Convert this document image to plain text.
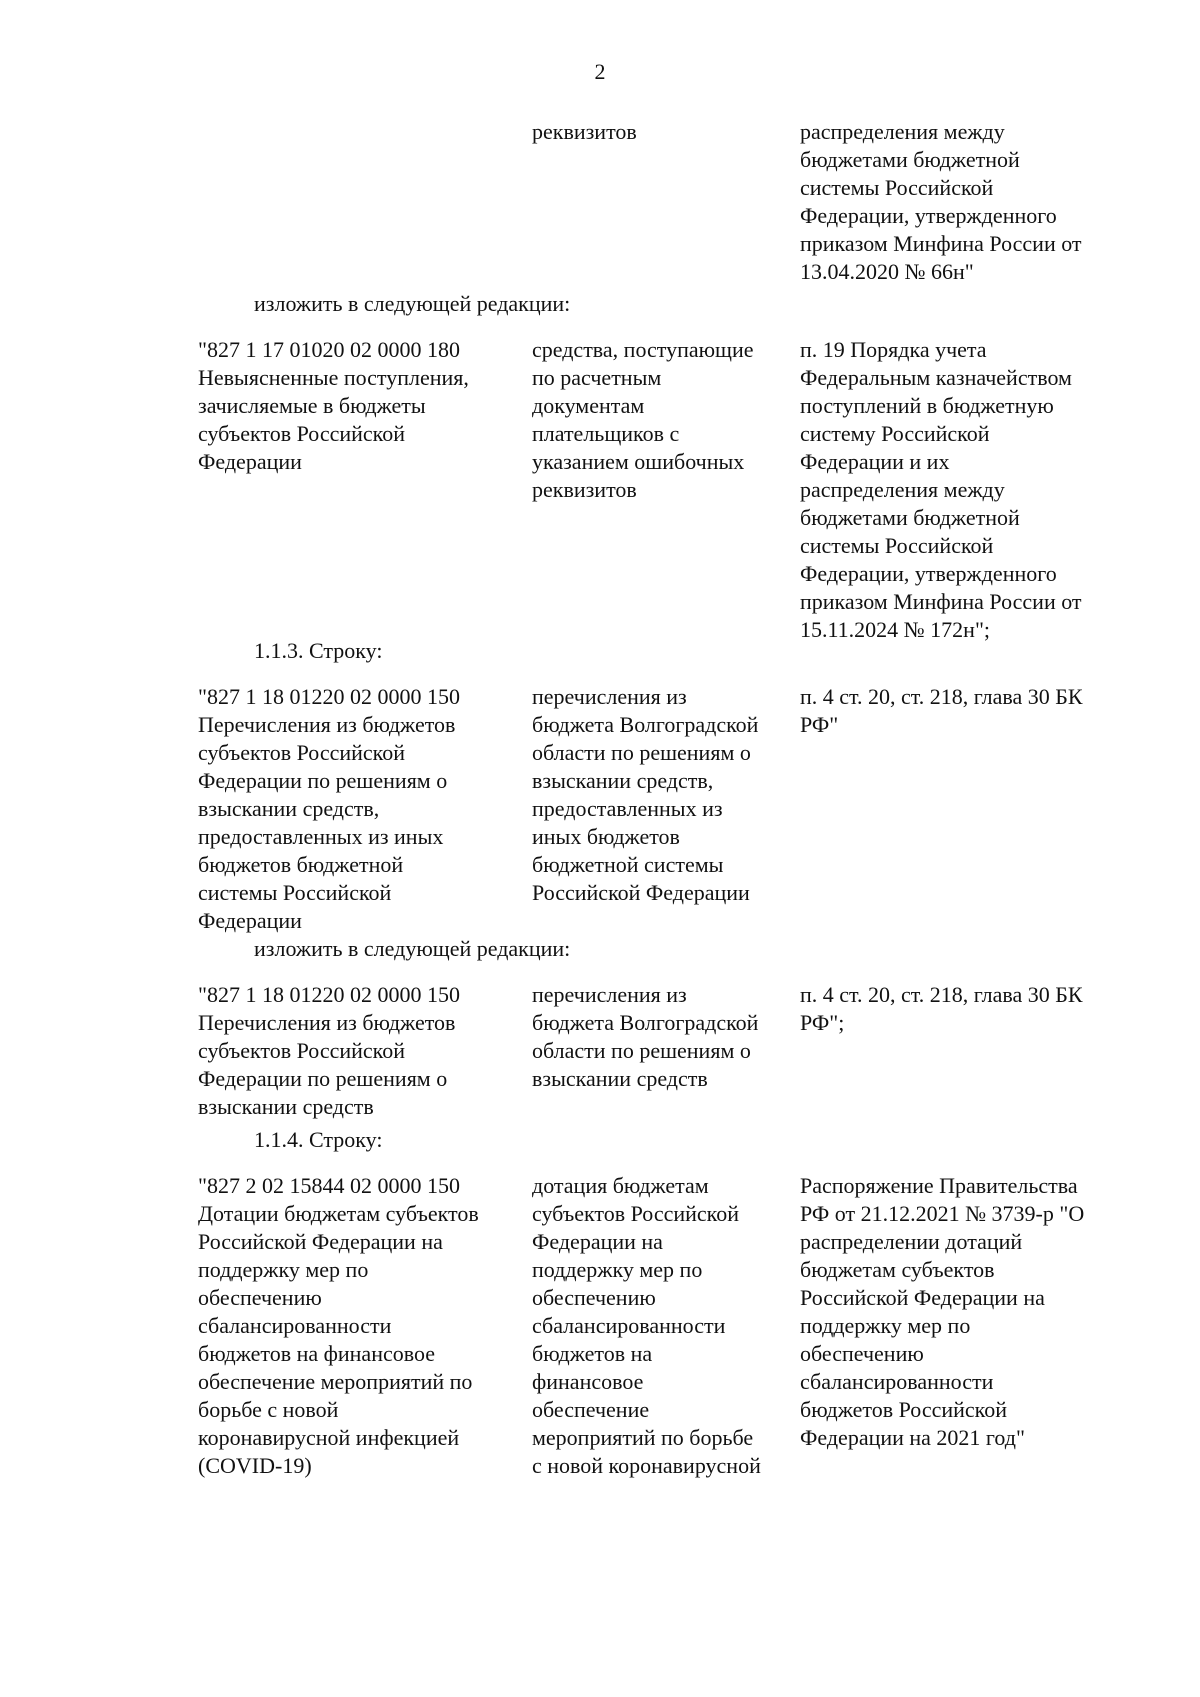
2
реквизитов	распределения между
бюджетами бюджетной
системы Российской
Федерации, утвержденного
приказом Минфина России от
13.04.2020 № 66н"
изложить в следующей редакции:
"827 1 17 01020 02 0000 180
Невыясненные поступления,
зачисляемые в бюджеты
субъектов Российской
Федерации
средства, поступающие
по расчетным
документам
плательщиков с
указанием ошибочных
реквизитов
п. 19 Порядка учета
Федеральным казначейством
поступлений в бюджетную
систему Российской
Федерации и их
распределения между
бюджетами бюджетной
системы Российской
Федерации, утвержденного
приказом Минфина России от
15.11.2024 № 172н";
1.1.3. Строку:
"827 1 18 01220 02 0000 150
Перечисления из бюджетов
субъектов Российской
Федерации по решениям о
взыскании средств,
предоставленных из иных
бюджетов бюджетной
системы Российской
Федерации
перечисления из
бюджета Волгоградской
области по решениям о
взыскании средств,
предоставленных из
иных бюджетов
бюджетной системы
Российской Федерации
п. 4 ст. 20, ст. 218, глава 30 БК
РФ"
изложить в следующей редакции:
"827 1 18 01220 02 0000 150
Перечисления из бюджетов
субъектов Российской
Федерации по решениям о
взыскании средств
перечисления из
бюджета Волгоградской
области по решениям о
взыскании средств
п. 4 ст. 20, ст. 218, глава 30 БК
РФ";
1.1.4. Строку:
"827 2 02 15844 02 0000 150
Дотации бюджетам субъектов
Российской Федерации на
поддержку мер по
обеспечению
сбалансированности
бюджетов на финансовое
обеспечение мероприятий по
борьбе с новой
коронавирусной инфекцией
(COVID-19)
дотация бюджетам
субъектов Российской
Федерации на
поддержку мер по
обеспечению
сбалансированности
бюджетов на
финансовое
обеспечение
мероприятий по борьбе
с новой коронавирусной
Распоряжение Правительства
РФ от 21.12.2021 № 3739-р "О
распределении дотаций
бюджетам субъектов
Российской Федерации на
поддержку мер по
обеспечению
сбалансированности
бюджетов Российской
Федерации на 2021 год"
